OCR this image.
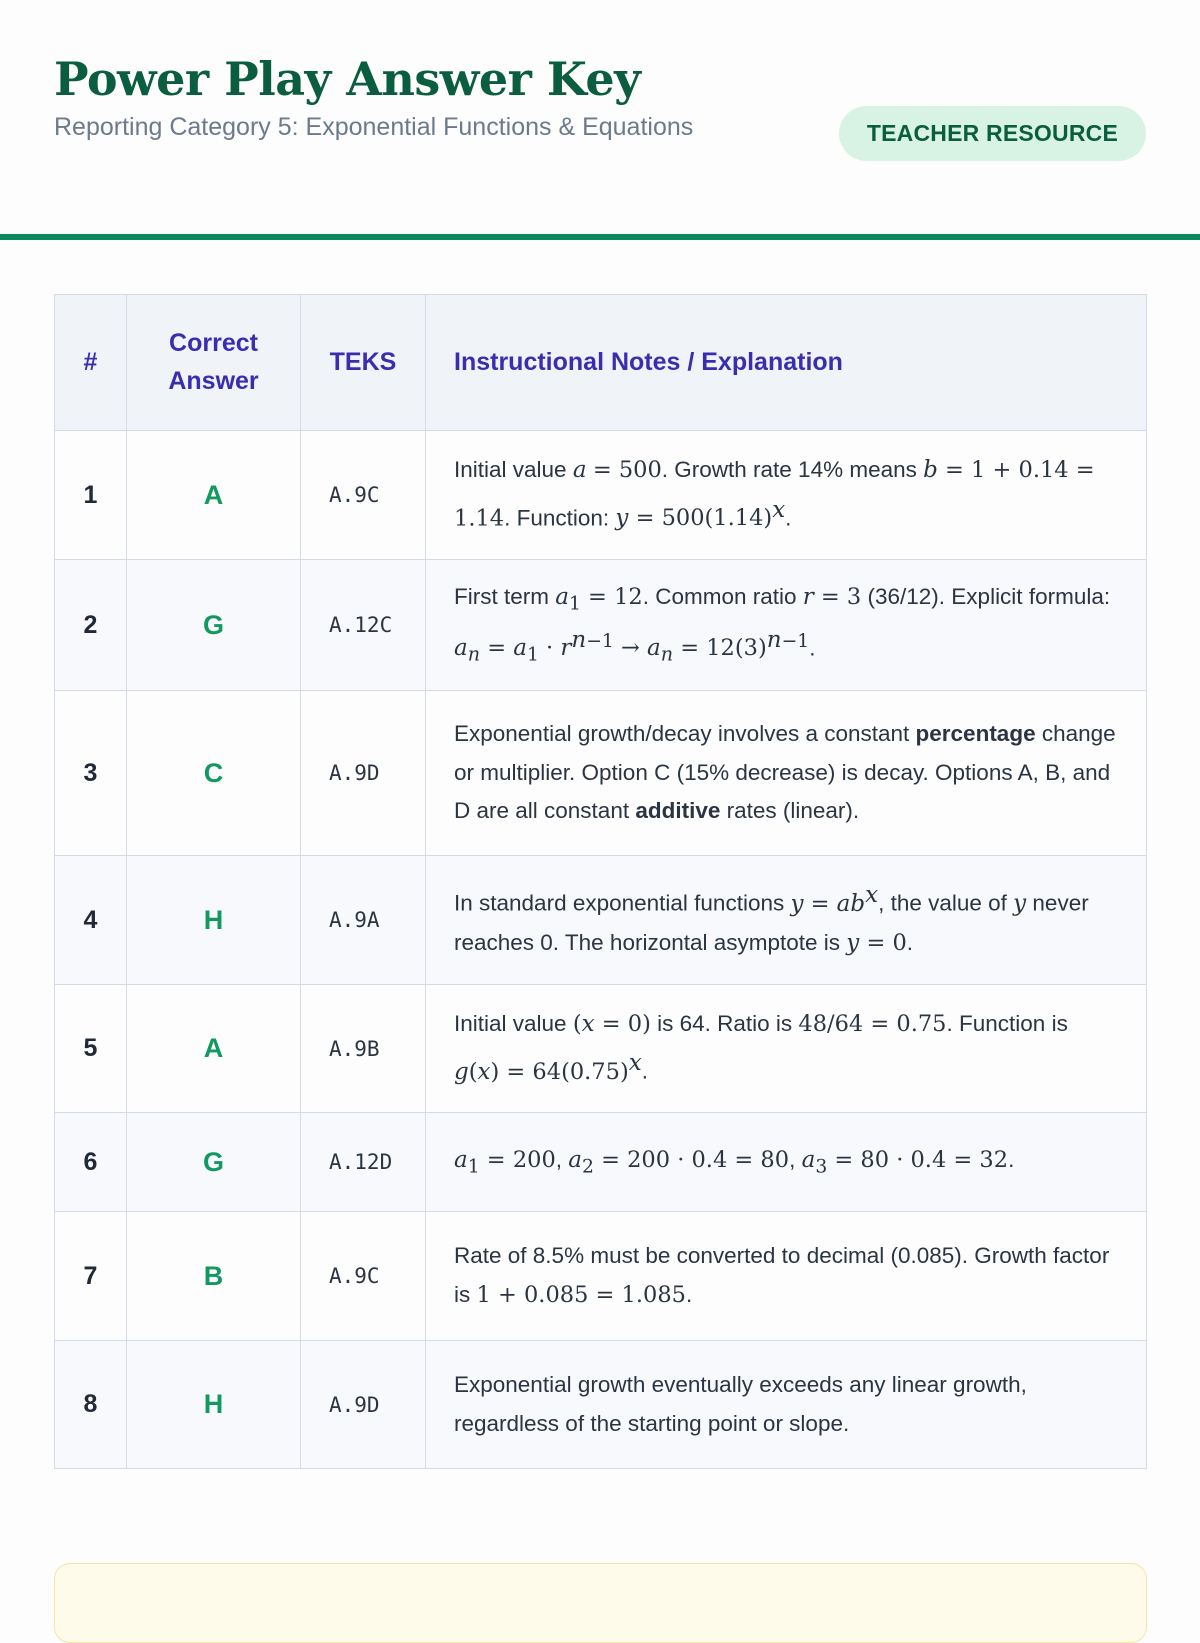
Power Play Answer Key
Reporting Category 5: Exponential Functions & Equations	TEACHER RESOURCE
#	Correct Answer	TEKS	Instructional Notes / Explanation
1	A	A.9C	Initial value a = 500. Growth rate 14% means b = 1 + 0.14 = 1.14. Function: $y = 500(1.14)^x$.
2	G	A.12C	First term $a_1 = 12$. Common ratio r = 3 (36/12). Explicit formula: $a_n = a_1 \cdot r^{n-1} \to a_n = 12(3)^{n-1}$.
3	C	A.9D	Exponential growth/decay involves a constant percentage change or multiplier. Option C (15% decrease) is decay. Options A, B, and D are all constant additive rates (linear).
4	H	A.9A	In standard exponential functions $y = ab^x$, the value of y never reaches 0. The horizontal asymptote is y = 0.
5	A	A.9B	Initial value (x = 0) is 64. Ratio is 48/64 = 0.75. Function is $g(x) = 64(0.75)^x$.
6	G	A.12D	$a_1 = 200$, $a_2 = 200 \cdot 0.4 = 80$, $a_3 = 80 \cdot 0.4 = 32$.
7	B	A.9C	Rate of 8.5% must be converted to decimal (0.085). Growth factor is 1 + 0.085 = 1.085.
8	H	A.9D	Exponential growth eventually exceeds any linear growth, regardless of the starting point or slope.
